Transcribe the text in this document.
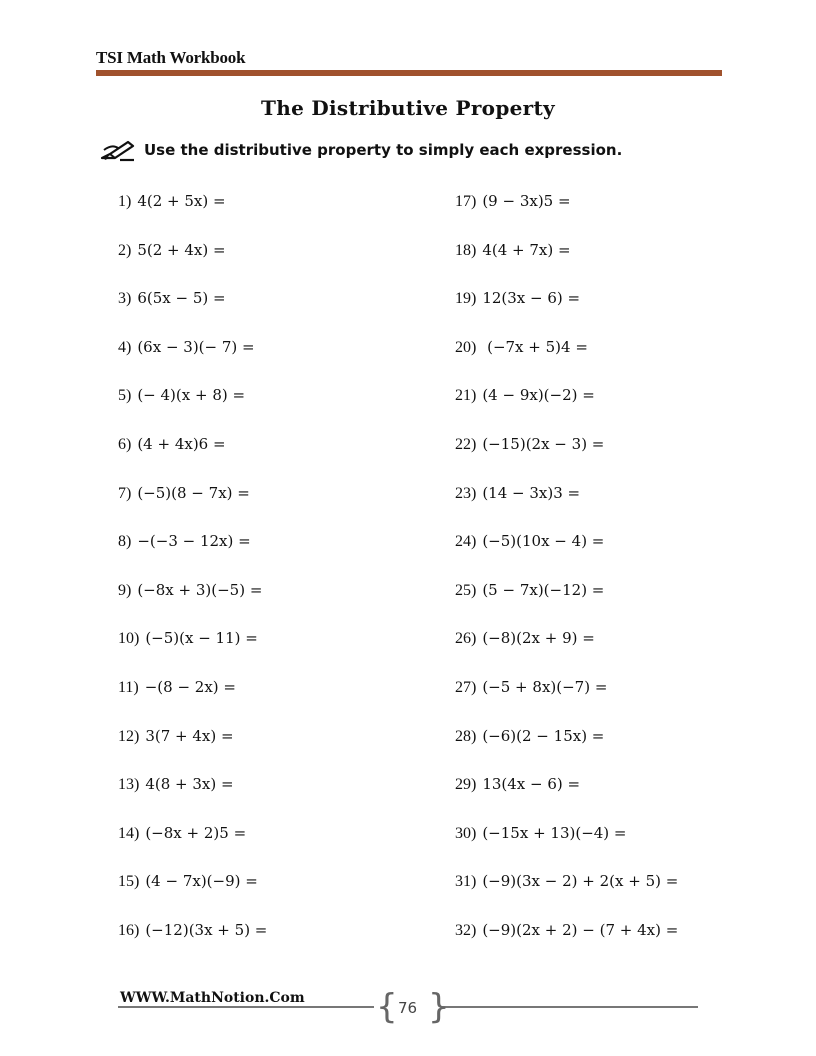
TSI Math Workbook
The Distributive Property
Use the distributive property to simply each expression.
1) 4(2 + 5x) =
2) 5(2 + 4x) =
3) 6(5x − 5) =
4) (6x − 3)(− 7) =
5) (− 4)(x + 8) =
6) (4 + 4x)6 =
7) (−5)(8 − 7x) =
8) −(−3 − 12x) =
9) (−8x + 3)(−5) =
10) (−5)(x − 11) =
11) −(8 − 2x) =
12) 3(7 + 4x) =
13) 4(8 + 3x) =
14) (−8x + 2)5 =
15) (4 − 7x)(−9) =
16) (−12)(3x + 5) =
17) (9 − 3x)5 =
18) 4(4 + 7x) =
19) 12(3x − 6) =
20) (−7x + 5)4 =
21) (4 − 9x)(−2) =
22) (−15)(2x − 3) =
23) (14 − 3x)3 =
24) (−5)(10x − 4) =
25) (5 − 7x)(−12) =
26) (−8)(2x + 9) =
27) (−5 + 8x)(−7) =
28) (−6)(2 − 15x) =
29) 13(4x − 6) =
30) (−15x + 13)(−4) =
31) (−9)(3x − 2) + 2(x + 5) =
32) (−9)(2x + 2) − (7 + 4x) =
WWW.MathNotion.Com { }
76
